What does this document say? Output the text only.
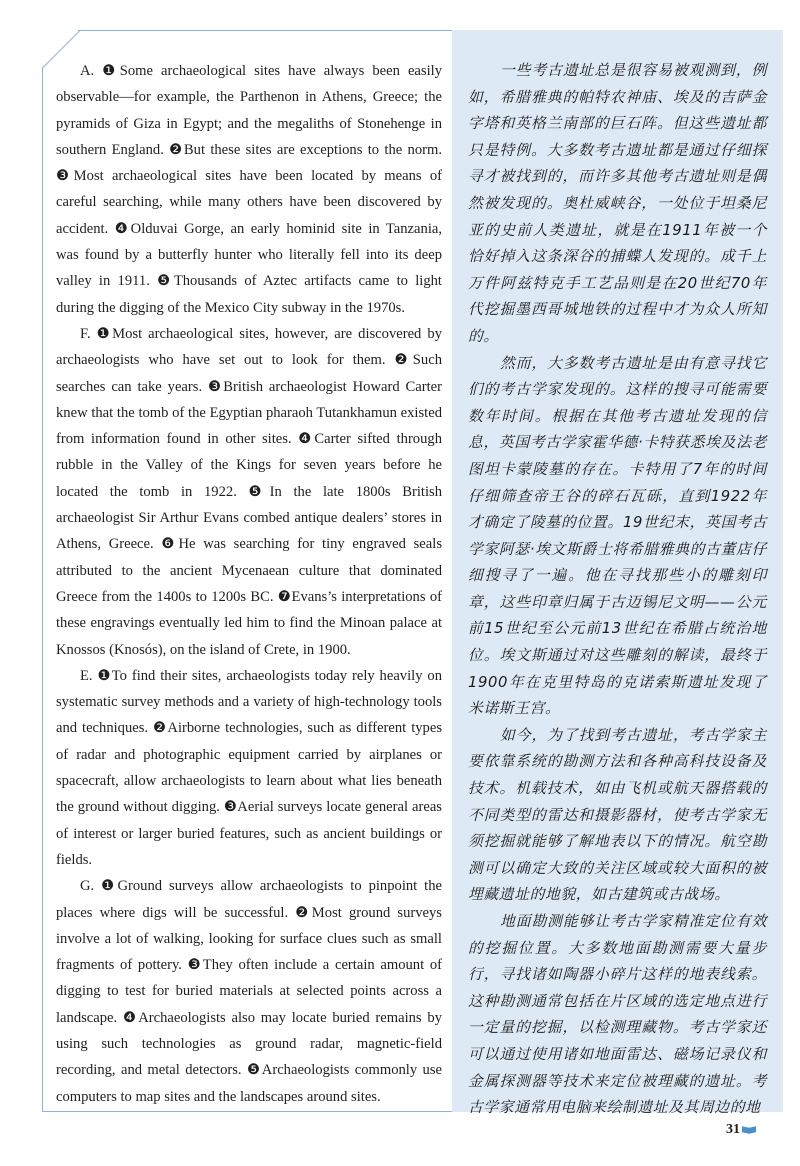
A. ❶Some archaeological sites have always been easily observable—for example, the Parthenon in Athens, Greece; the pyramids of Giza in Egypt; and the megaliths of Stonehenge in southern England. ❷But these sites are exceptions to the norm. ❸Most archaeological sites have been located by means of careful searching, while many others have been discovered by accident. ❹Olduvai Gorge, an early hominid site in Tanzania, was found by a butterfly hunter who literally fell into its deep valley in 1911. ❺Thousands of Aztec artifacts came to light during the digging of the Mexico City subway in the 1970s.

F. ❶Most archaeological sites, however, are discovered by archaeologists who have set out to look for them. ❷Such searches can take years. ❸British archaeologist Howard Carter knew that the tomb of the Egyptian pharaoh Tutankhamun existed from information found in other sites. ❹Carter sifted through rubble in the Valley of the Kings for seven years before he located the tomb in 1922. ❺In the late 1800s British archaeologist Sir Arthur Evans combed antique dealers’ stores in Athens, Greece. ❻He was searching for tiny engraved seals attributed to the ancient Mycenaean culture that dominated Greece from the 1400s to 1200s BC. ❼Evans’s interpretations of these engravings eventually led him to find the Minoan palace at Knossos (Knosós), on the island of Crete, in 1900.

E. ❶To find their sites, archaeologists today rely heavily on systematic survey methods and a variety of high-technology tools and techniques. ❷Airborne technologies, such as different types of radar and photographic equipment carried by airplanes or spacecraft, allow archaeologists to learn about what lies beneath the ground without digging. ❸Aerial surveys locate general areas of interest or larger buried features, such as ancient buildings or fields.

G. ❶Ground surveys allow archaeologists to pinpoint the places where digs will be successful. ❷Most ground surveys involve a lot of walking, looking for surface clues such as small fragments of pottery. ❸They often include a certain amount of digging to test for buried materials at selected points across a landscape. ❹Archaeologists also may locate buried remains by using such technologies as ground radar, magnetic-field recording, and metal detectors. ❺Archaeologists commonly use computers to map sites and the landscapes around sites.

一些考古遗址总是很容易被观测到，例如，希腊雅典的帕特农神庙、埃及的吉萨金字塔和英格兰南部的巨石阵。但这些遗址都只是特例。大多数考古遗址都是通过仔细探寻才被找到的，而许多其他考古遗址则是偶然被发现的。奥杜威峡谷，一处位于坦桑尼亚的史前人类遗址，就是在1911年被一个恰好掉入这条深谷的捕蝶人发现的。成千上万件阿兹特克手工艺品则是在20世纪70年代挖掘墨西哥城地铁的过程中才为众人所知的。

然而，大多数考古遗址是由有意寻找它们的考古学家发现的。这样的搜寻可能需要数年时间。根据在其他考古遗址发现的信息，英国考古学家霍华德·卡特获悉埃及法老图坦卡蒙陵墓的存在。卡特用了7年的时间仔细筛查帝王谷的碎石瓦砾，直到1922年才确定了陵墓的位置。19世纪末，英国考古学家阿瑟·埃文斯爵士将希腊雅典的古董店仔细搜寻了一遍。他在寻找那些小的雕刻印章，这些印章归属于古迈锡尼文明——公元前15世纪至公元前13世纪在希腊占统治地位。埃文斯通过对这些雕刻的解读，最终于1900年在克里特岛的克诺索斯遗址发现了米诺斯王宫。

如今，为了找到考古遗址，考古学家主要依靠系统的勘测方法和各种高科技设备及技术。机载技术，如由飞机或航天器搭载的不同类型的雷达和摄影器材，使考古学家无须挖掘就能够了解地表以下的情况。航空勘测可以确定大致的关注区域或较大面积的被埋藏遗址的地貌，如古建筑或古战场。

地面勘测能够让考古学家精准定位有效的挖掘位置。大多数地面勘测需要大量步行，寻找诸如陶器小碎片这样的地表线索。这种勘测通常包括在片区域的选定地点进行一定量的挖掘，以检测理藏物。考古学家还可以通过使用诸如地面雷达、磁场记录仪和金属探测器等技术来定位被理藏的遗址。考古学家通常用电脑来绘制遗址及其周边的地

31
